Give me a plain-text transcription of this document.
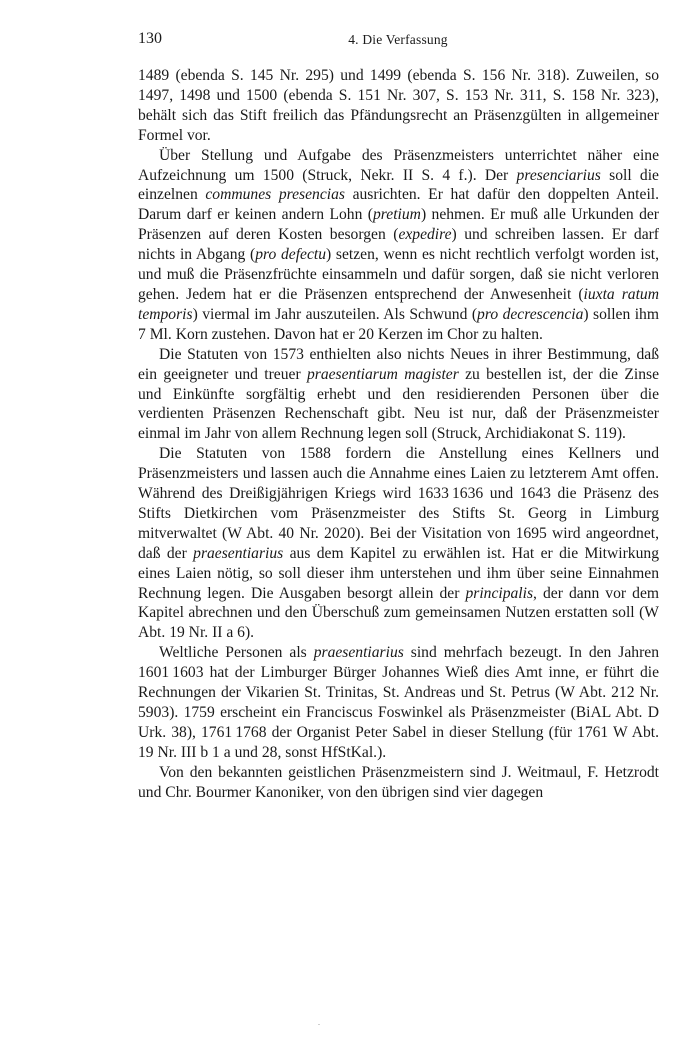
130	4. Die Verfassung

1489 (ebenda S. 145 Nr. 295) und 1499 (ebenda S. 156 Nr. 318). Zuweilen, so 1497, 1498 und 1500 (ebenda S. 151 Nr. 307, S. 153 Nr. 311, S. 158 Nr. 323), behält sich das Stift freilich das Pfändungsrecht an Präsenzgülten in allgemeiner Formel vor.

Über Stellung und Aufgabe des Präsenzmeisters unterrichtet näher eine Aufzeichnung um 1500 (Struck, Nekr. II S. 4 f.). Der presenciarius soll die einzelnen communes presencias ausrichten. Er hat dafür den doppelten Anteil. Darum darf er keinen andern Lohn (pretium) nehmen. Er muß alle Urkunden der Präsenzen auf deren Kosten besorgen (expedire) und schreiben lassen. Er darf nichts in Abgang (pro defectu) setzen, wenn es nicht rechtlich verfolgt worden ist, und muß die Präsenzfrüchte einsammeln und dafür sorgen, daß sie nicht verloren gehen. Jedem hat er die Präsenzen entsprechend der Anwesenheit (iuxta ratum temporis) viermal im Jahr auszuteilen. Als Schwund (pro decrescencia) sollen ihm 7 Ml. Korn zustehen. Davon hat er 20 Kerzen im Chor zu halten.

Die Statuten von 1573 enthielten also nichts Neues in ihrer Bestimmung, daß ein geeigneter und treuer praesentiarum magister zu bestellen ist, der die Zinse und Einkünfte sorgfältig erhebt und den residierenden Personen über die verdienten Präsenzen Rechenschaft gibt. Neu ist nur, daß der Präsenzmeister einmal im Jahr von allem Rechnung legen soll (Struck, Archidiakonat S. 119).

Die Statuten von 1588 fordern die Anstellung eines Kellners und Präsenzmeisters und lassen auch die Annahme eines Laien zu letzterem Amt offen. Während des Dreißigjährigen Kriegs wird 1633 1636 und 1643 die Präsenz des Stifts Dietkirchen vom Präsenzmeister des Stifts St. Georg in Limburg mitverwaltet (W Abt. 40 Nr. 2020). Bei der Visitation von 1695 wird angeordnet, daß der praesentiarius aus dem Kapitel zu erwählen ist. Hat er die Mitwirkung eines Laien nötig, so soll dieser ihm unterstehen und ihm über seine Einnahmen Rechnung legen. Die Ausgaben besorgt allein der principalis, der dann vor dem Kapitel abrechnen und den Überschuß zum gemeinsamen Nutzen erstatten soll (W Abt. 19 Nr. II a 6).

Weltliche Personen als praesentiarius sind mehrfach bezeugt. In den Jahren 1601 1603 hat der Limburger Bürger Johannes Wieß dies Amt inne, er führt die Rechnungen der Vikarien St. Trinitas, St. Andreas und St. Petrus (W Abt. 212 Nr. 5903). 1759 erscheint ein Franciscus Foswinkel als Präsenzmeister (BiAL Abt. D Urk. 38), 1761 1768 der Organist Peter Sabel in dieser Stellung (für 1761 W Abt. 19 Nr. III b 1 a und 28, sonst HfStKal.).

Von den bekannten geistlichen Präsenzmeistern sind J. Weitmaul, F. Hetzrodt und Chr. Bourmer Kanoniker, von den übrigen sind vier dagegen
